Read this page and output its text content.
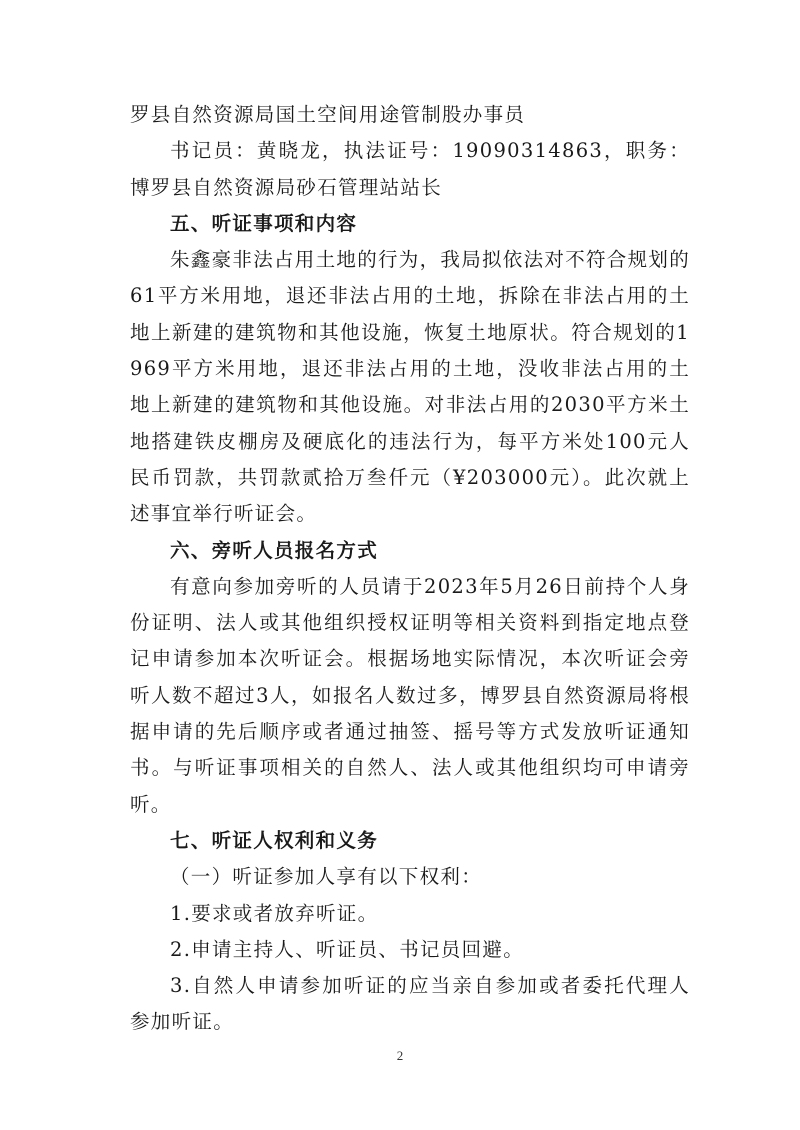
罗县自然资源局国土空间用途管制股办事员

书记员：黄晓龙，执法证号：19090314863，职务：博罗县自然资源局砂石管理站站长

五、听证事项和内容

朱鑫豪非法占用土地的行为，我局拟依法对不符合规划的61平方米用地，退还非法占用的土地，拆除在非法占用的土地上新建的建筑物和其他设施，恢复土地原状。符合规划的1969平方米用地，退还非法占用的土地，没收非法占用的土地上新建的建筑物和其他设施。对非法占用的2030平方米土地搭建铁皮棚房及硬底化的违法行为，每平方米处100元人民币罚款，共罚款贰拾万叁仟元（¥203000元）。此次就上述事宜举行听证会。

六、旁听人员报名方式

有意向参加旁听的人员请于2023年5月26日前持个人身份证明、法人或其他组织授权证明等相关资料到指定地点登记申请参加本次听证会。根据场地实际情况，本次听证会旁听人数不超过3人，如报名人数过多，博罗县自然资源局将根据申请的先后顺序或者通过抽签、摇号等方式发放听证通知书。与听证事项相关的自然人、法人或其他组织均可申请旁听。

七、听证人权利和义务

（一）听证参加人享有以下权利：

1.要求或者放弃听证。

2.申请主持人、听证员、书记员回避。

3.自然人申请参加听证的应当亲自参加或者委托代理人参加听证。

2
